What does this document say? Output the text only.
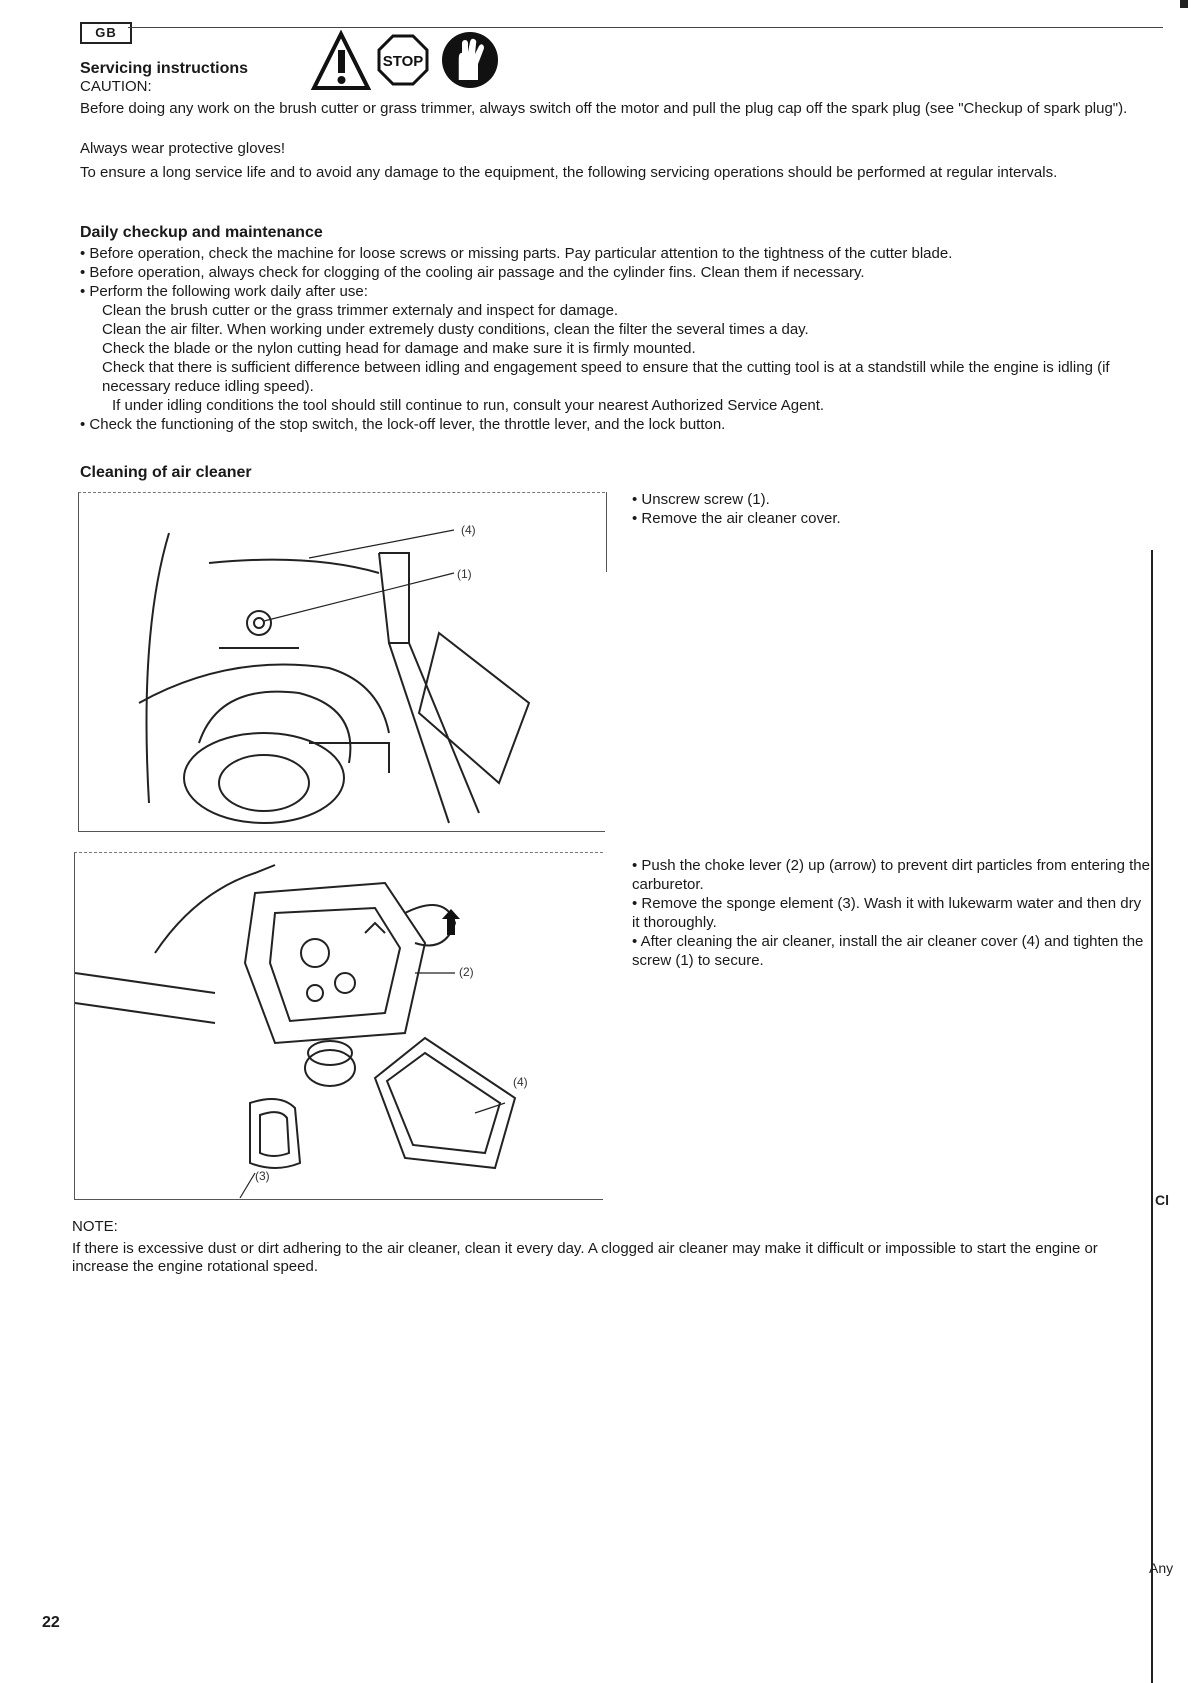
GB
Servicing instructions	STOP
CAUTION:
Before doing any work on the brush cutter or grass trimmer, always switch off the motor and pull the plug cap off the spark plug (see "Checkup of spark plug").
Always wear protective gloves!
To ensure a long service life and to avoid any damage to the equipment, the following servicing operations should be performed at regular intervals.
Daily checkup and maintenance
• Before operation, check the machine for loose screws or missing parts. Pay particular attention to the tightness of the cutter blade.
• Before operation, always check for clogging of the cooling air passage and the cylinder fins. Clean them if necessary.
• Perform the following work daily after use:
Clean the brush cutter or the grass trimmer externaly and inspect for damage.
Clean the air filter. When working under extremely dusty conditions, clean the filter the several times a day.
Check the blade or the nylon cutting head for damage and make sure it is firmly mounted.
Check that there is sufficient difference between idling and engagement speed to ensure that the cutting tool is at a standstill while the engine is idling (if necessary reduce idling speed).
If under idling conditions the tool should still continue to run, consult your nearest Authorized Service Agent.
• Check the functioning of the stop switch, the lock-off lever, the throttle lever, and the lock button.
Cleaning of air cleaner
(4)
(1)
• Unscrew screw (1).
• Remove the air cleaner cover.
(2)
(4)
(3)
• Push the choke lever (2) up (arrow) to prevent dirt particles from entering the carburetor.
• Remove the sponge element (3). Wash it with lukewarm water and then dry it thoroughly.
• After cleaning the air cleaner, install the air cleaner cover (4) and tighten the screw (1) to secure.
NOTE:
If there is excessive dust or dirt adhering to the air cleaner, clean it every day. A clogged air cleaner may make it difficult or impossible to start the engine or increase the engine rotational speed.
22
Cl
Any
